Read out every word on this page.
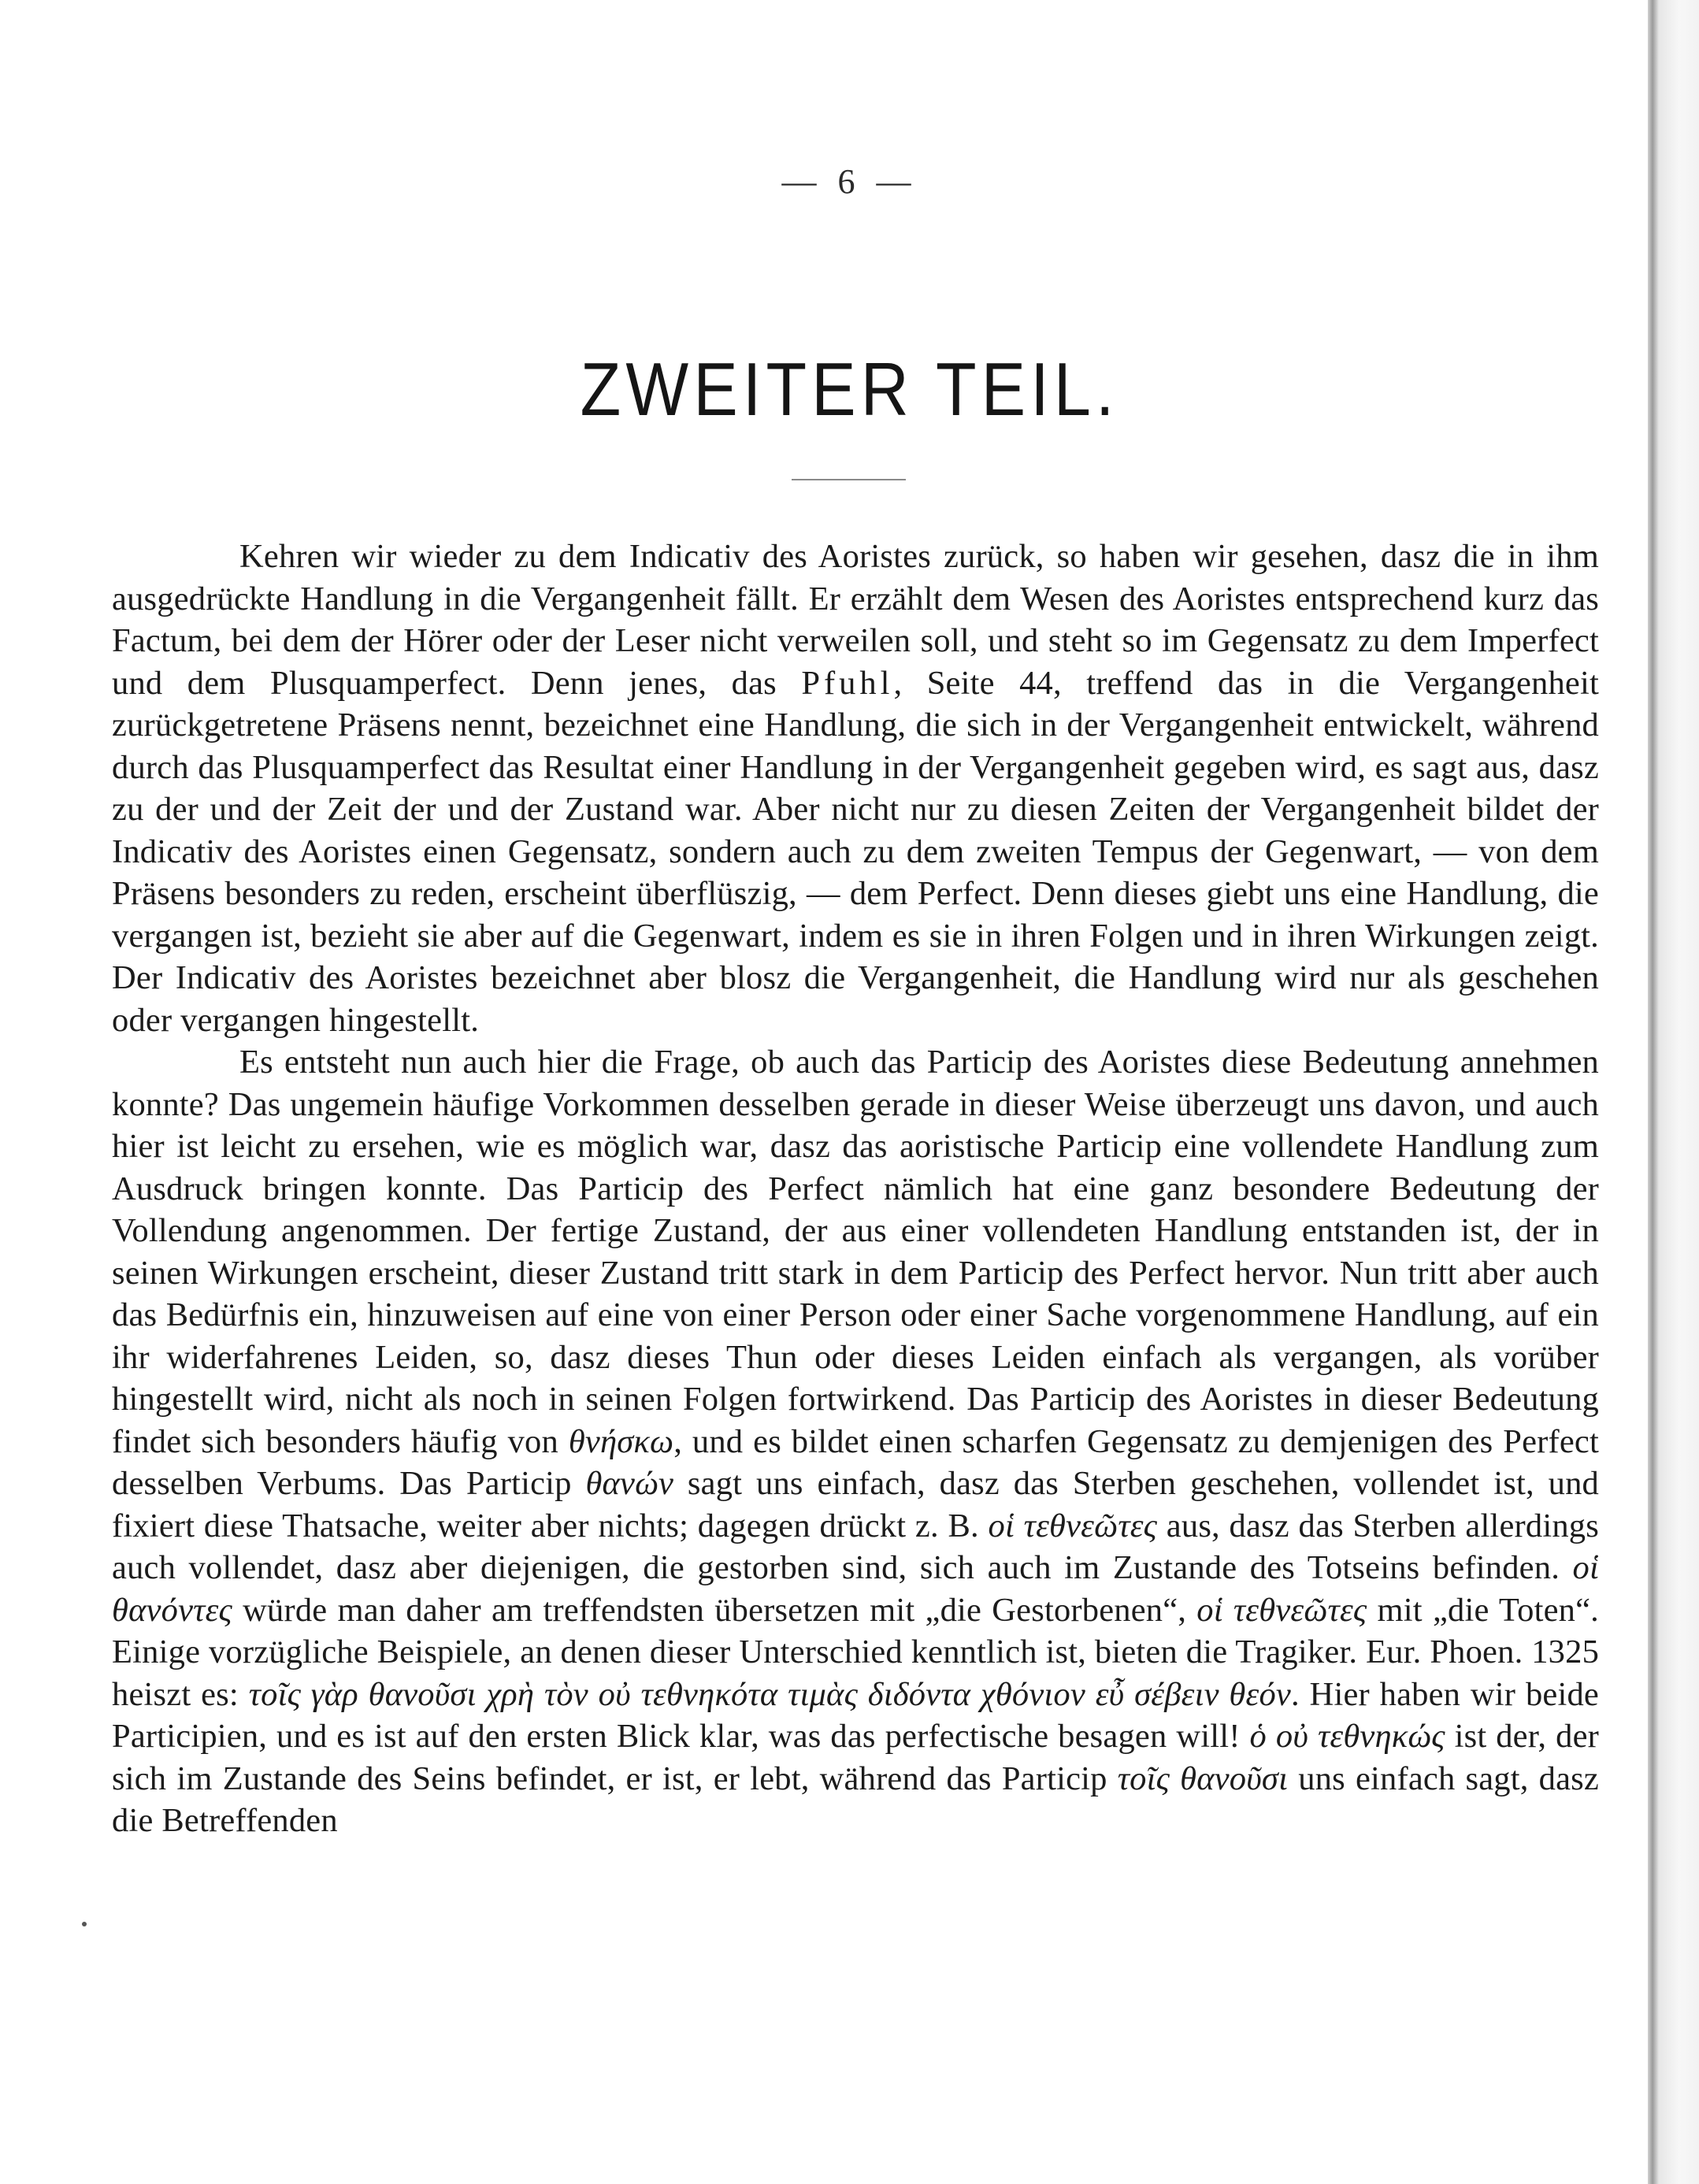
— 6 —
ZWEITER TEIL.

Kehren wir wieder zu dem Indicativ des Aoristes zurück, so haben wir gesehen, dasz die in ihm ausgedrückte Handlung in die Vergangenheit fällt. Er erzählt dem Wesen des Aoristes entsprechend kurz das Factum, bei dem der Hörer oder der Leser nicht verweilen soll, und steht so im Gegensatz zu dem Imperfect und dem Plusquamperfect. Denn jenes, das Pfuhl, Seite 44, treffend das in die Vergangenheit zurückgetretene Präsens nennt, bezeichnet eine Handlung, die sich in der Vergangenheit entwickelt, während durch das Plusquamperfect das Resultat einer Handlung in der Vergangenheit gegeben wird, es sagt aus, dasz zu der und der Zeit der und der Zustand war. Aber nicht nur zu diesen Zeiten der Vergangenheit bildet der Indicativ des Aoristes einen Gegensatz, sondern auch zu dem zweiten Tempus der Gegenwart, — von dem Präsens besonders zu reden, erscheint überflüszig, — dem Perfect. Denn dieses giebt uns eine Handlung, die vergangen ist, bezieht sie aber auf die Gegenwart, indem es sie in ihren Folgen und in ihren Wirkungen zeigt. Der Indicativ des Aoristes bezeichnet aber blosz die Vergangenheit, die Handlung wird nur als geschehen oder vergangen hingestellt.

Es entsteht nun auch hier die Frage, ob auch das Particip des Aoristes diese Bedeutung annehmen konnte? Das ungemein häufige Vorkommen desselben gerade in dieser Weise überzeugt uns davon, und auch hier ist leicht zu ersehen, wie es möglich war, dasz das aoristische Particip eine vollendete Handlung zum Ausdruck bringen konnte. Das Particip des Perfect nämlich hat eine ganz besondere Bedeutung der Vollendung angenommen. Der fertige Zustand, der aus einer vollendeten Handlung entstanden ist, der in seinen Wirkungen erscheint, dieser Zustand tritt stark in dem Particip des Perfect hervor. Nun tritt aber auch das Bedürfnis ein, hinzuweisen auf eine von einer Person oder einer Sache vorgenommene Handlung, auf ein ihr widerfahrenes Leiden, so, dasz dieses Thun oder dieses Leiden einfach als vergangen, als vorüber hingestellt wird, nicht als noch in seinen Folgen fortwirkend. Das Particip des Aoristes in dieser Bedeutung findet sich besonders häufig von θνήσκω, und es bildet einen scharfen Gegensatz zu demjenigen des Perfect desselben Verbums. Das Particip θανών sagt uns einfach, dasz das Sterben geschehen, vollendet ist, und fixiert diese Thatsache, weiter aber nichts; dagegen drückt z. B. οἱ τεθνεῶτες aus, dasz das Sterben allerdings auch vollendet, dasz aber diejenigen, die gestorben sind, sich auch im Zustande des Totseins befinden. οἱ θανόντες würde man daher am treffendsten übersetzen mit „die Gestorbenen“, οἱ τεθνεῶτες mit „die Toten“. Einige vorzügliche Beispiele, an denen dieser Unterschied kenntlich ist, bieten die Tragiker. Eur. Phoen. 1325 heiszt es: τοῖς γὰρ θανοῦσι χρὴ τὸν οὐ τεθνηκότα τιμὰς διδόντα χθόνιον εὖ σέβειν θεόν. Hier haben wir beide Participien, und es ist auf den ersten Blick klar, was das perfectische besagen will! ὁ οὐ τεθνηκώς ist der, der sich im Zustande des Seins befindet, er ist, er lebt, während das Particip τοῖς θανοῦσι uns einfach sagt, dasz die Betreffenden
